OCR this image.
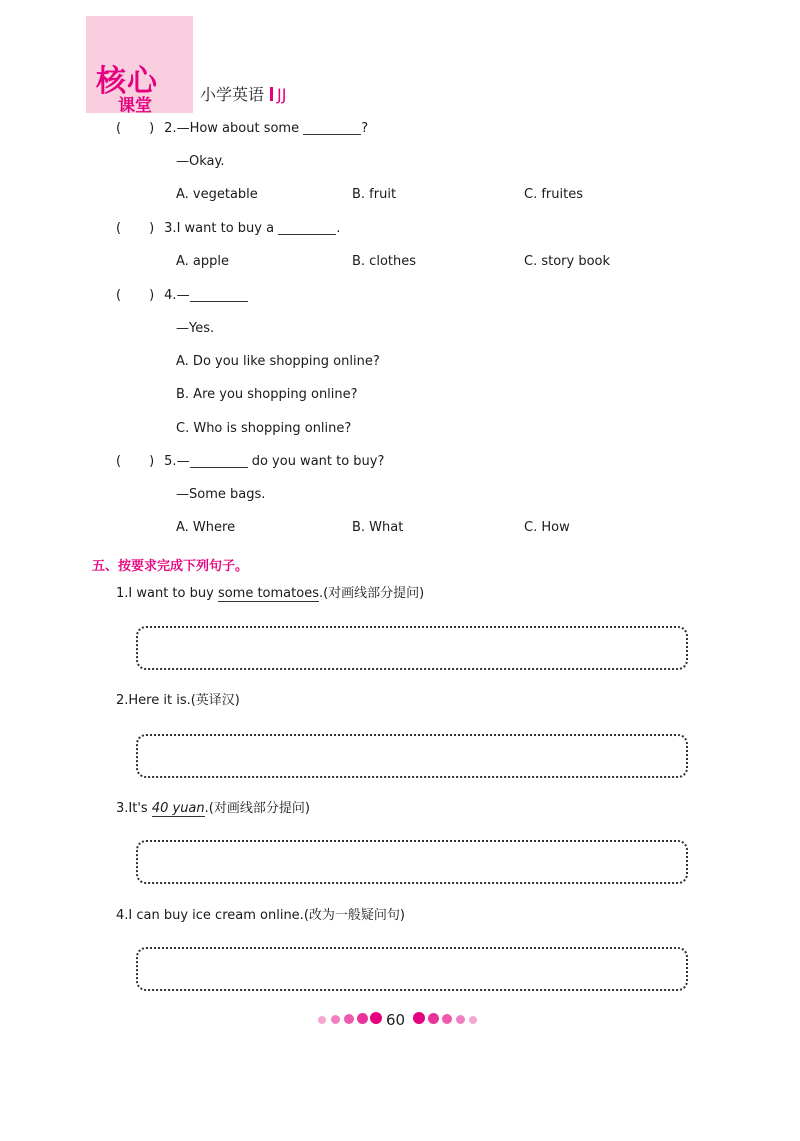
核心
课堂
小学英语 JJ
( ) 2.—How about some	?
—Okay.
A. vegetable	B. fruit	C. fruites
( ) 3.I want to buy a	.
A. apple	B. clothes	C. story book
( ) 4.—
—Yes.
A. Do you like shopping online?
B. Are you shopping online?
C. Who is shopping online?
( ) 5.—	do you want to buy?
—Some bags.
A. Where	B. What	C. How
五、按要求完成下列句子。
1.I want to buy some tomatoes.(对画线部分提问)
2.Here it is.(英译汉)
3.It's 40 yuan.(对画线部分提问)
4.I can buy ice cream online.(改为一般疑问句)
60
